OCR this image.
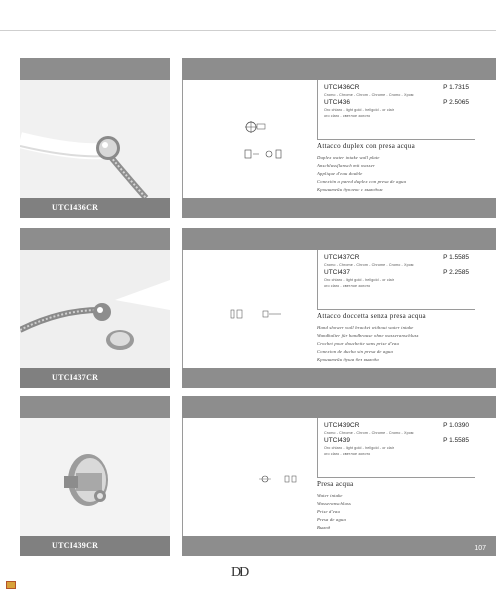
UTCI436CR
UTCI436CR	P 1.7315
Cromo - Chrome - Chrom - Chrome - Cromo - Хром
UTCI436	P 2.5065
Oro chiaro - light gold - hellgold - or clair
oro claro - светлое золото
Attacco duplex con presa acqua
Duplex water intake wall plate
Anschlussflansch mit wasser
Applique d'eau double
Conexión a pared duplex con presa de agua
Кронштейн дуплекс с выводом
UTCI437CR
UTCI437CR	P 1.5585
Cromo - Chrome - Chrom - Chrome - Cromo - Хром
UTCI437	P 2.2585
Oro chiaro - light gold - hellgold - or clair
oro claro - светлое золото
Attacco doccetta senza presa acqua
Hand shower wall bracket without water intake
Wandhalter für handbrause ohne wasseranschluss
Crochet pour douchette sans prise d'eau
Conexion de ducha sin presa de agua
Кронштейн душа без вывода
UTCI439CR
UTCI439CR	P 1.0390
Cromo - Chrome - Chrom - Chrome - Cromo - Хром
UTCI439	P 1.5585
Oro chiaro - light gold - hellgold - or clair
oro claro - светлое золото
Presa acqua
Water intake
Wasseranschluss
Prise d'eau
Presa de agua
Вывод
107
DD
